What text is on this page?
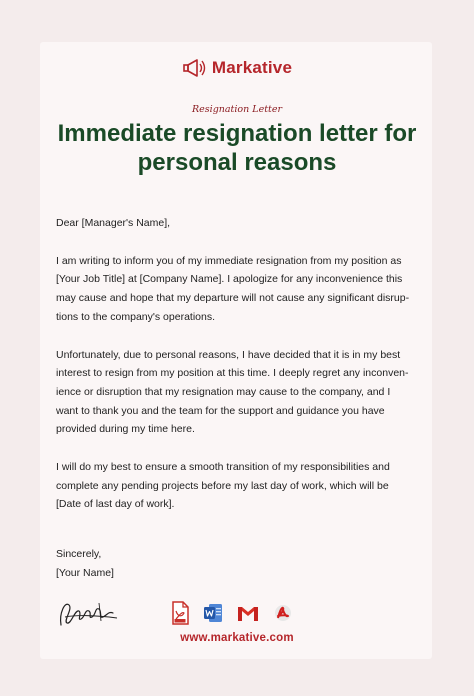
Markative
Resignation Letter
Immediate resignation letter for personal reasons

Dear [Manager's Name],

I am writing to inform you of my immediate resignation from my position as
[Your Job Title] at [Company Name]. I apologize for any inconvenience this
may cause and hope that my departure will not cause any significant disrup-
tions to the company's operations.

Unfortunately, due to personal reasons, I have decided that it is in my best
interest to resign from my position at this time. I deeply regret any inconven-
ience or disruption that my resignation may cause to the company, and I
want to thank you and the team for the support and guidance you have
provided during my time here.

I will do my best to ensure a smooth transition of my responsibilities and
complete any pending projects before my last day of work, which will be
[Date of last day of work].

Sincerely,
[Your Name]
www.markative.com
